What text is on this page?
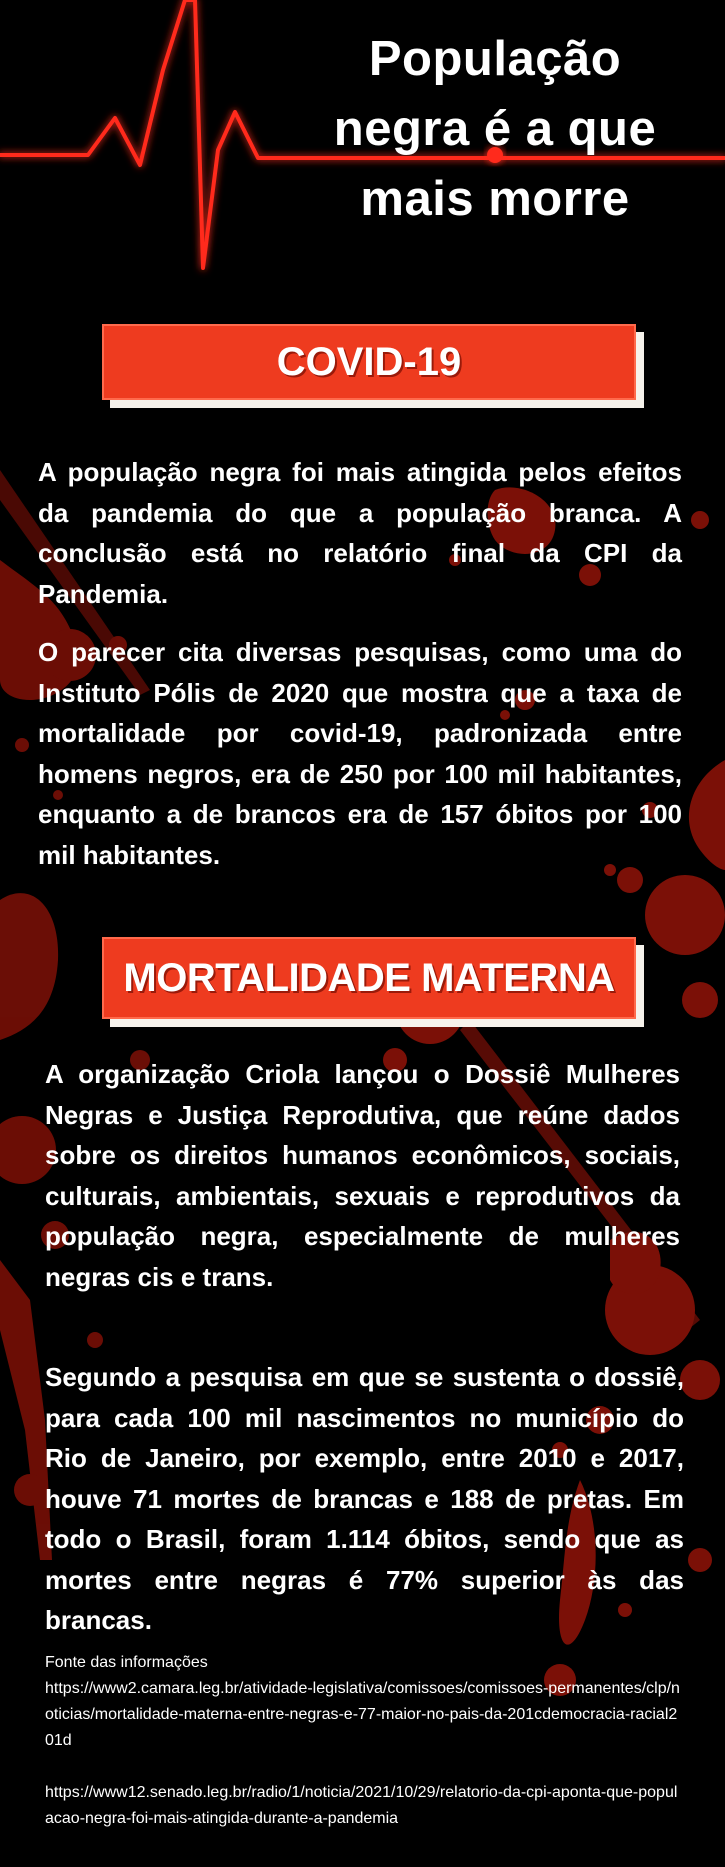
População
negra é a que
mais morre
COVID-19

A população negra foi mais atingida pelos efeitos da pandemia do que a população branca. A conclusão está no relatório final da CPI da Pandemia.

O parecer cita diversas pesquisas, como uma do Instituto Pólis de 2020 que mostra que a taxa de mortalidade por covid-19, padronizada entre homens negros, era de 250 por 100 mil habitantes, enquanto a de brancos era de 157 óbitos por 100 mil habitantes.

MORTALIDADE MATERNA

A organização Criola lançou o Dossiê Mulheres Negras e Justiça Reprodutiva, que reúne dados sobre os direitos humanos econômicos, sociais, culturais, ambientais, sexuais e reprodutivos da população negra, especialmente de mulheres negras cis e trans.

Segundo a pesquisa em que se sustenta o dossiê, para cada 100 mil nascimentos no município do Rio de Janeiro, por exemplo, entre 2010 e 2017, houve 71 mortes de brancas e 188 de pretas. Em todo o Brasil, foram 1.114 óbitos, sendo que as mortes entre negras é 77% superior às das brancas.

Fonte das informações
https://www2.camara.leg.br/atividade-legislativa/comissoes/comissoes-permanentes/clp/noticias/mortalidade-materna-entre-negras-e-77-maior-no-pais-da-201cdemocracia-racial201d
https://www12.senado.leg.br/radio/1/noticia/2021/10/29/relatorio-da-cpi-aponta-que-populacao-negra-foi-mais-atingida-durante-a-pandemia
